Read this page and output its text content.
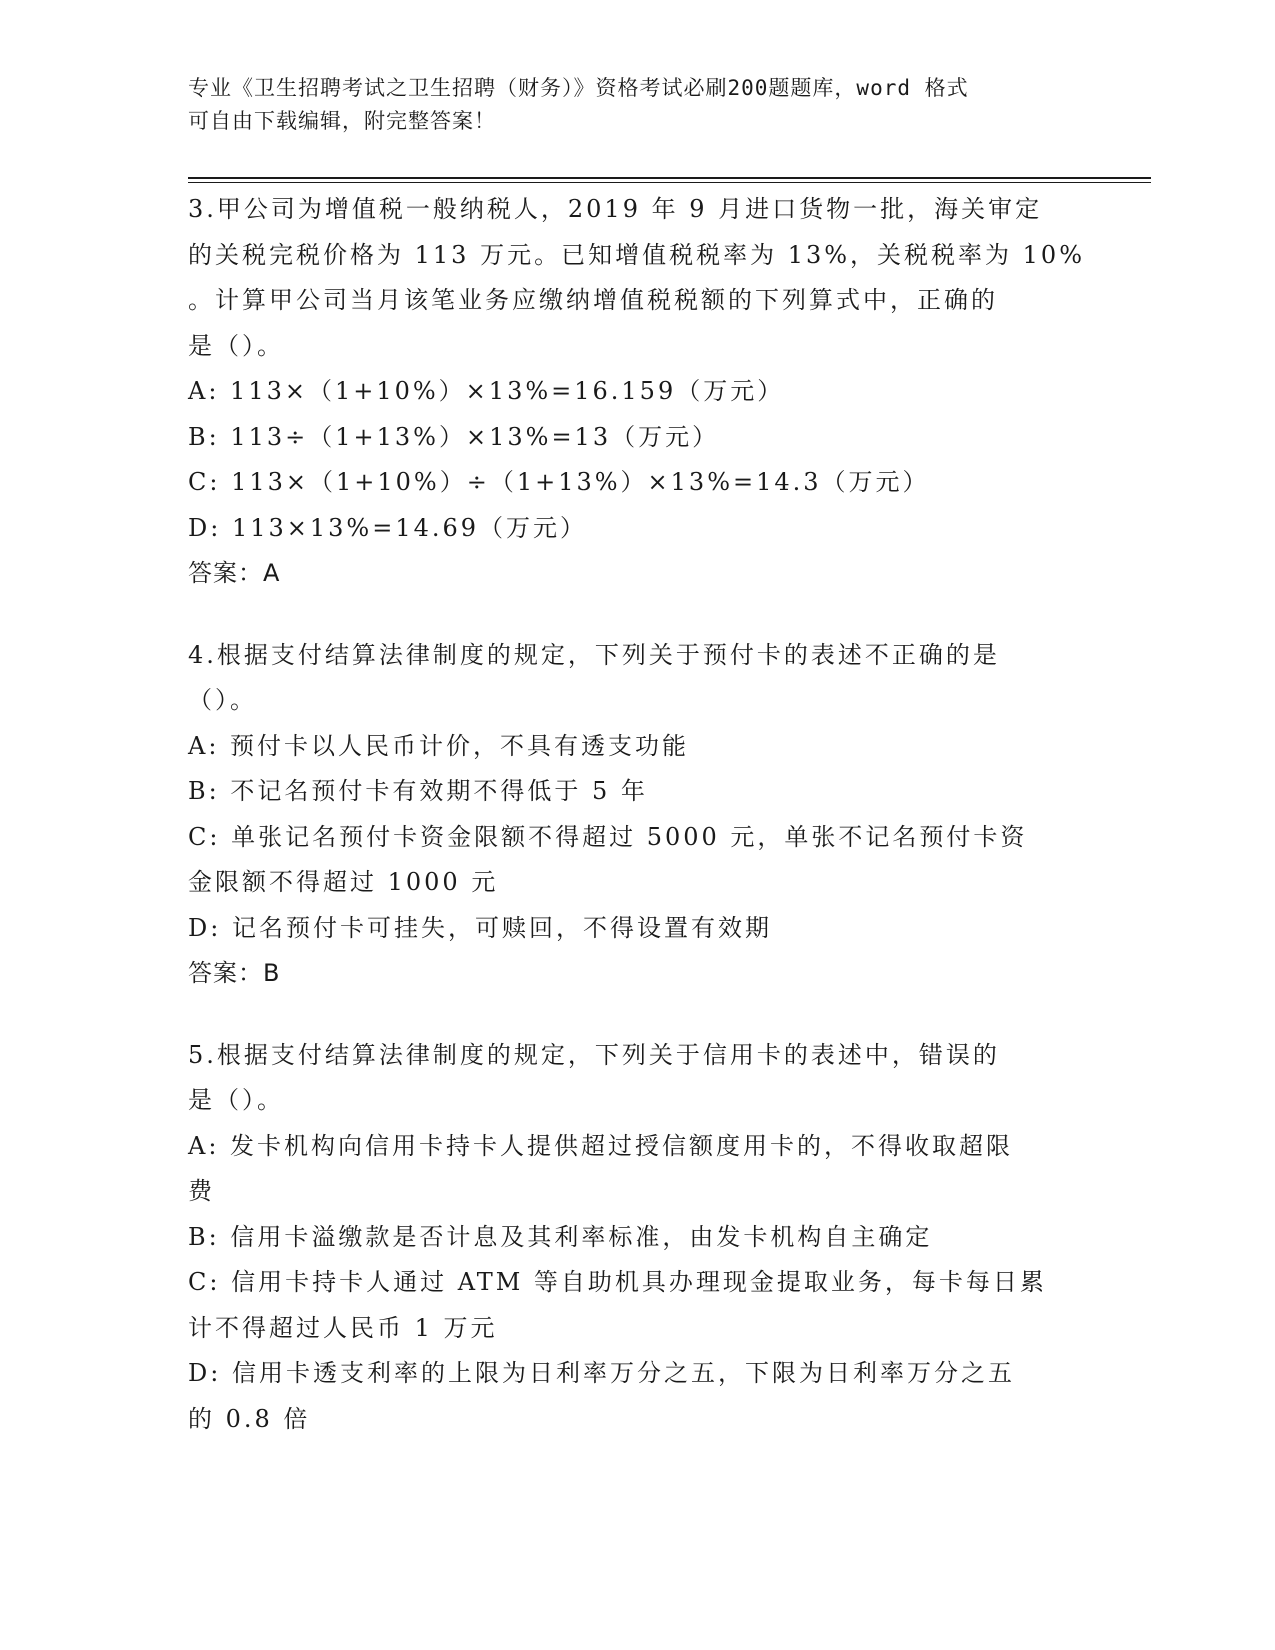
专业《卫生招聘考试之卫生招聘（财务）》资格考试必刷200题题库，word 格式
可自由下载编辑，附完整答案！
3.甲公司为增值税一般纳税人，2019 年 9 月进口货物一批，海关审定
的关税完税价格为 113 万元。已知增值税税率为 13%，关税税率为 10%
。计算甲公司当月该笔业务应缴纳增值税税额的下列算式中，正确的
是（）。
A: 113×（1+10%）×13%=16.159（万元）
B: 113÷（1+13%）×13%=13（万元）
C: 113×（1+10%）÷（1+13%）×13%=14.3（万元）
D: 113×13%=14.69（万元）
答案：A
4.根据支付结算法律制度的规定，下列关于预付卡的表述不正确的是
（）。
A: 预付卡以人民币计价，不具有透支功能
B: 不记名预付卡有效期不得低于 5 年
C: 单张记名预付卡资金限额不得超过 5000 元，单张不记名预付卡资
金限额不得超过 1000 元
D: 记名预付卡可挂失，可赎回，不得设置有效期
答案：B
5.根据支付结算法律制度的规定，下列关于信用卡的表述中，错误的
是（）。
A: 发卡机构向信用卡持卡人提供超过授信额度用卡的，不得收取超限
费
B: 信用卡溢缴款是否计息及其利率标准，由发卡机构自主确定
C: 信用卡持卡人通过 ATM 等自助机具办理现金提取业务，每卡每日累
计不得超过人民币 1 万元
D: 信用卡透支利率的上限为日利率万分之五，下限为日利率万分之五
的 0.8 倍
